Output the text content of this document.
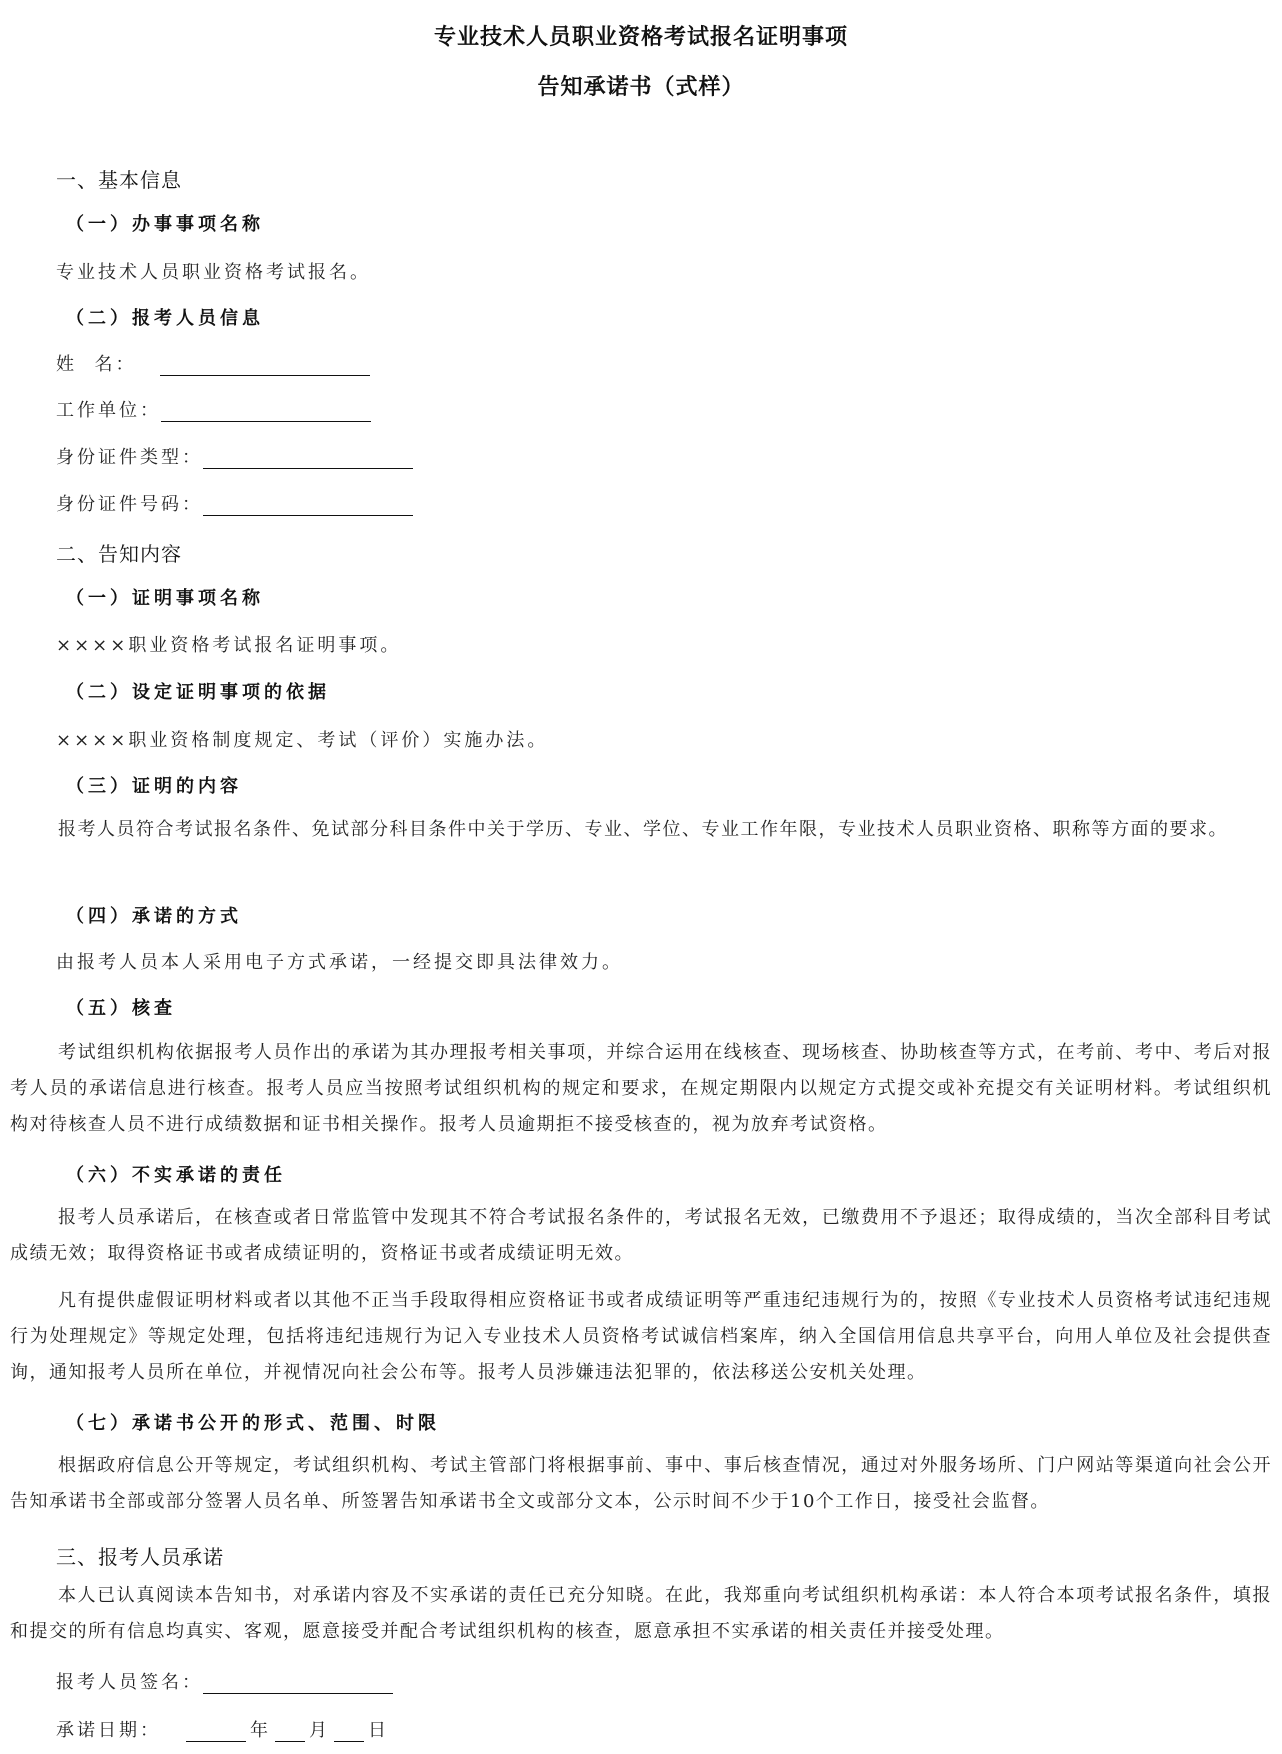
专业技术人员职业资格考试报名证明事项
告知承诺书（式样）
一、基本信息
（一）办事事项名称
专业技术人员职业资格考试报名。
（二）报考人员信息
姓  名：
工作单位：
身份证件类型：
身份证件号码：
二、告知内容
（一）证明事项名称
××××职业资格考试报名证明事项。
（二）设定证明事项的依据
××××职业资格制度规定、考试（评价）实施办法。
（三）证明的内容
报考人员符合考试报名条件、免试部分科目条件中关于学历、专业、学位、专业工作年限，专业技术人员职业资格、职称等方面的要求。
（四）承诺的方式
由报考人员本人采用电子方式承诺，一经提交即具法律效力。
（五）核查
考试组织机构依据报考人员作出的承诺为其办理报考相关事项，并综合运用在线核查、现场核查、协助核查等方式，在考前、考中、考后对报考人员的承诺信息进行核查。报考人员应当按照考试组织机构的规定和要求，在规定期限内以规定方式提交或补充提交有关证明材料。考试组织机构对待核查人员不进行成绩数据和证书相关操作。报考人员逾期拒不接受核查的，视为放弃考试资格。
（六）不实承诺的责任
报考人员承诺后，在核查或者日常监管中发现其不符合考试报名条件的，考试报名无效，已缴费用不予退还；取得成绩的，当次全部科目考试成绩无效；取得资格证书或者成绩证明的，资格证书或者成绩证明无效。
凡有提供虚假证明材料或者以其他不正当手段取得相应资格证书或者成绩证明等严重违纪违规行为的，按照《专业技术人员资格考试违纪违规行为处理规定》等规定处理，包括将违纪违规行为记入专业技术人员资格考试诚信档案库，纳入全国信用信息共享平台，向用人单位及社会提供查询，通知报考人员所在单位，并视情况向社会公布等。报考人员涉嫌违法犯罪的，依法移送公安机关处理。
（七）承诺书公开的形式、范围、时限
根据政府信息公开等规定，考试组织机构、考试主管部门将根据事前、事中、事后核查情况，通过对外服务场所、门户网站等渠道向社会公开告知承诺书全部或部分签署人员名单、所签署告知承诺书全文或部分文本，公示时间不少于10个工作日，接受社会监督。
三、报考人员承诺
本人已认真阅读本告知书，对承诺内容及不实承诺的责任已充分知晓。在此，我郑重向考试组织机构承诺：本人符合本项考试报名条件，填报和提交的所有信息均真实、客观，愿意接受并配合考试组织机构的核查，愿意承担不实承诺的相关责任并接受处理。
报考人员签名：
承诺日期：	年 月 日
